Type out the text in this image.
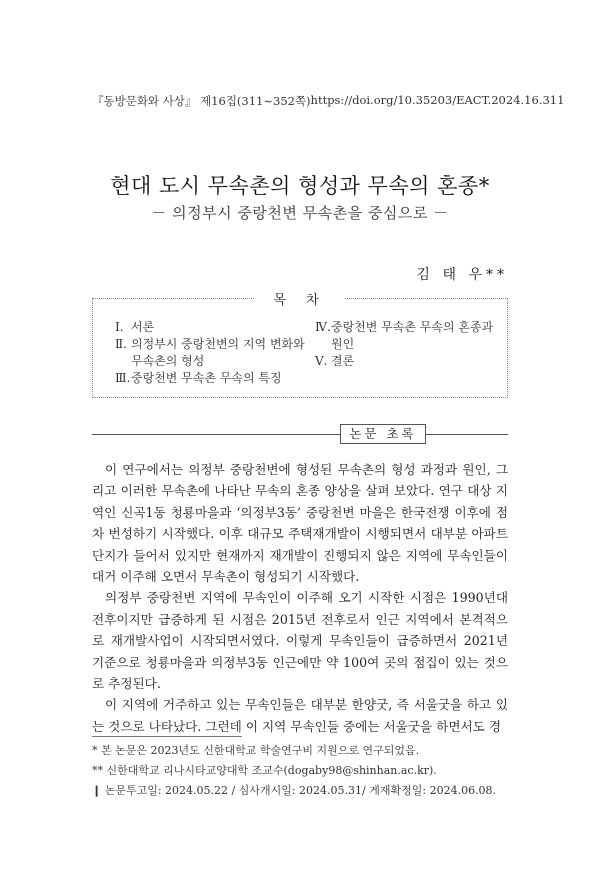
『동방문화와 사상』 제16집(311∼352쪽) https://doi.org/10.35203/EACT.2024.16.311
현대 도시 무속촌의 형성과 무속의 혼종*
－ 의정부시 중랑천변 무속촌을 중심으로 －
김 태 우**
목 차
Ⅰ. 서론
Ⅱ. 의정부시 중랑천변의 지역 변화와 무속촌의 형성
Ⅲ. 중랑천변 무속촌 무속의 특징
Ⅳ. 중랑천변 무속촌 무속의 혼종과 원인
Ⅴ. 결론
논문 초록

이 연구에서는 의정부 중랑천변에 형성된 무속촌의 형성 과정과 원인, 그리고 이러한 무속촌에 나타난 무속의 혼종 양상을 살펴 보았다. 연구 대상 지역인 신곡1동 청룡마을과 ‘의정부3동’ 중랑천변 마을은 한국전쟁 이후에 점차 번성하기 시작했다. 이후 대규모 주택재개발이 시행되면서 대부분 아파트 단지가 들어서 있지만 현재까지 재개발이 진행되지 않은 지역에 무속인들이 대거 이주해 오면서 무속촌이 형성되기 시작했다.

의정부 중랑천변 지역에 무속인이 이주해 오기 시작한 시점은 1990년대 전후이지만 급증하게 된 시점은 2015년 전후로서 인근 지역에서 본격적으로 재개발사업이 시작되면서였다. 이렇게 무속인들이 급증하면서 2021년 기준으로 청룡마을과 의정부3동 인근에만 약 100여 곳의 점집이 있는 것으로 추정된다.

이 지역에 거주하고 있는 무속인들은 대부분 한양굿, 즉 서울굿을 하고 있는 것으로 나타났다. 그런데 이 지역 무속인들 중에는 서울굿을 하면서도 경

* 본 논문은 2023년도 신한대학교 학술연구비 지원으로 연구되었음.
** 신한대학교 리나시타교양대학 조교수(dogaby98@shinhan.ac.kr).
❙ 논문투고일: 2024.05.22 / 심사개시일: 2024.05.31/ 게재확정일: 2024.06.08.
